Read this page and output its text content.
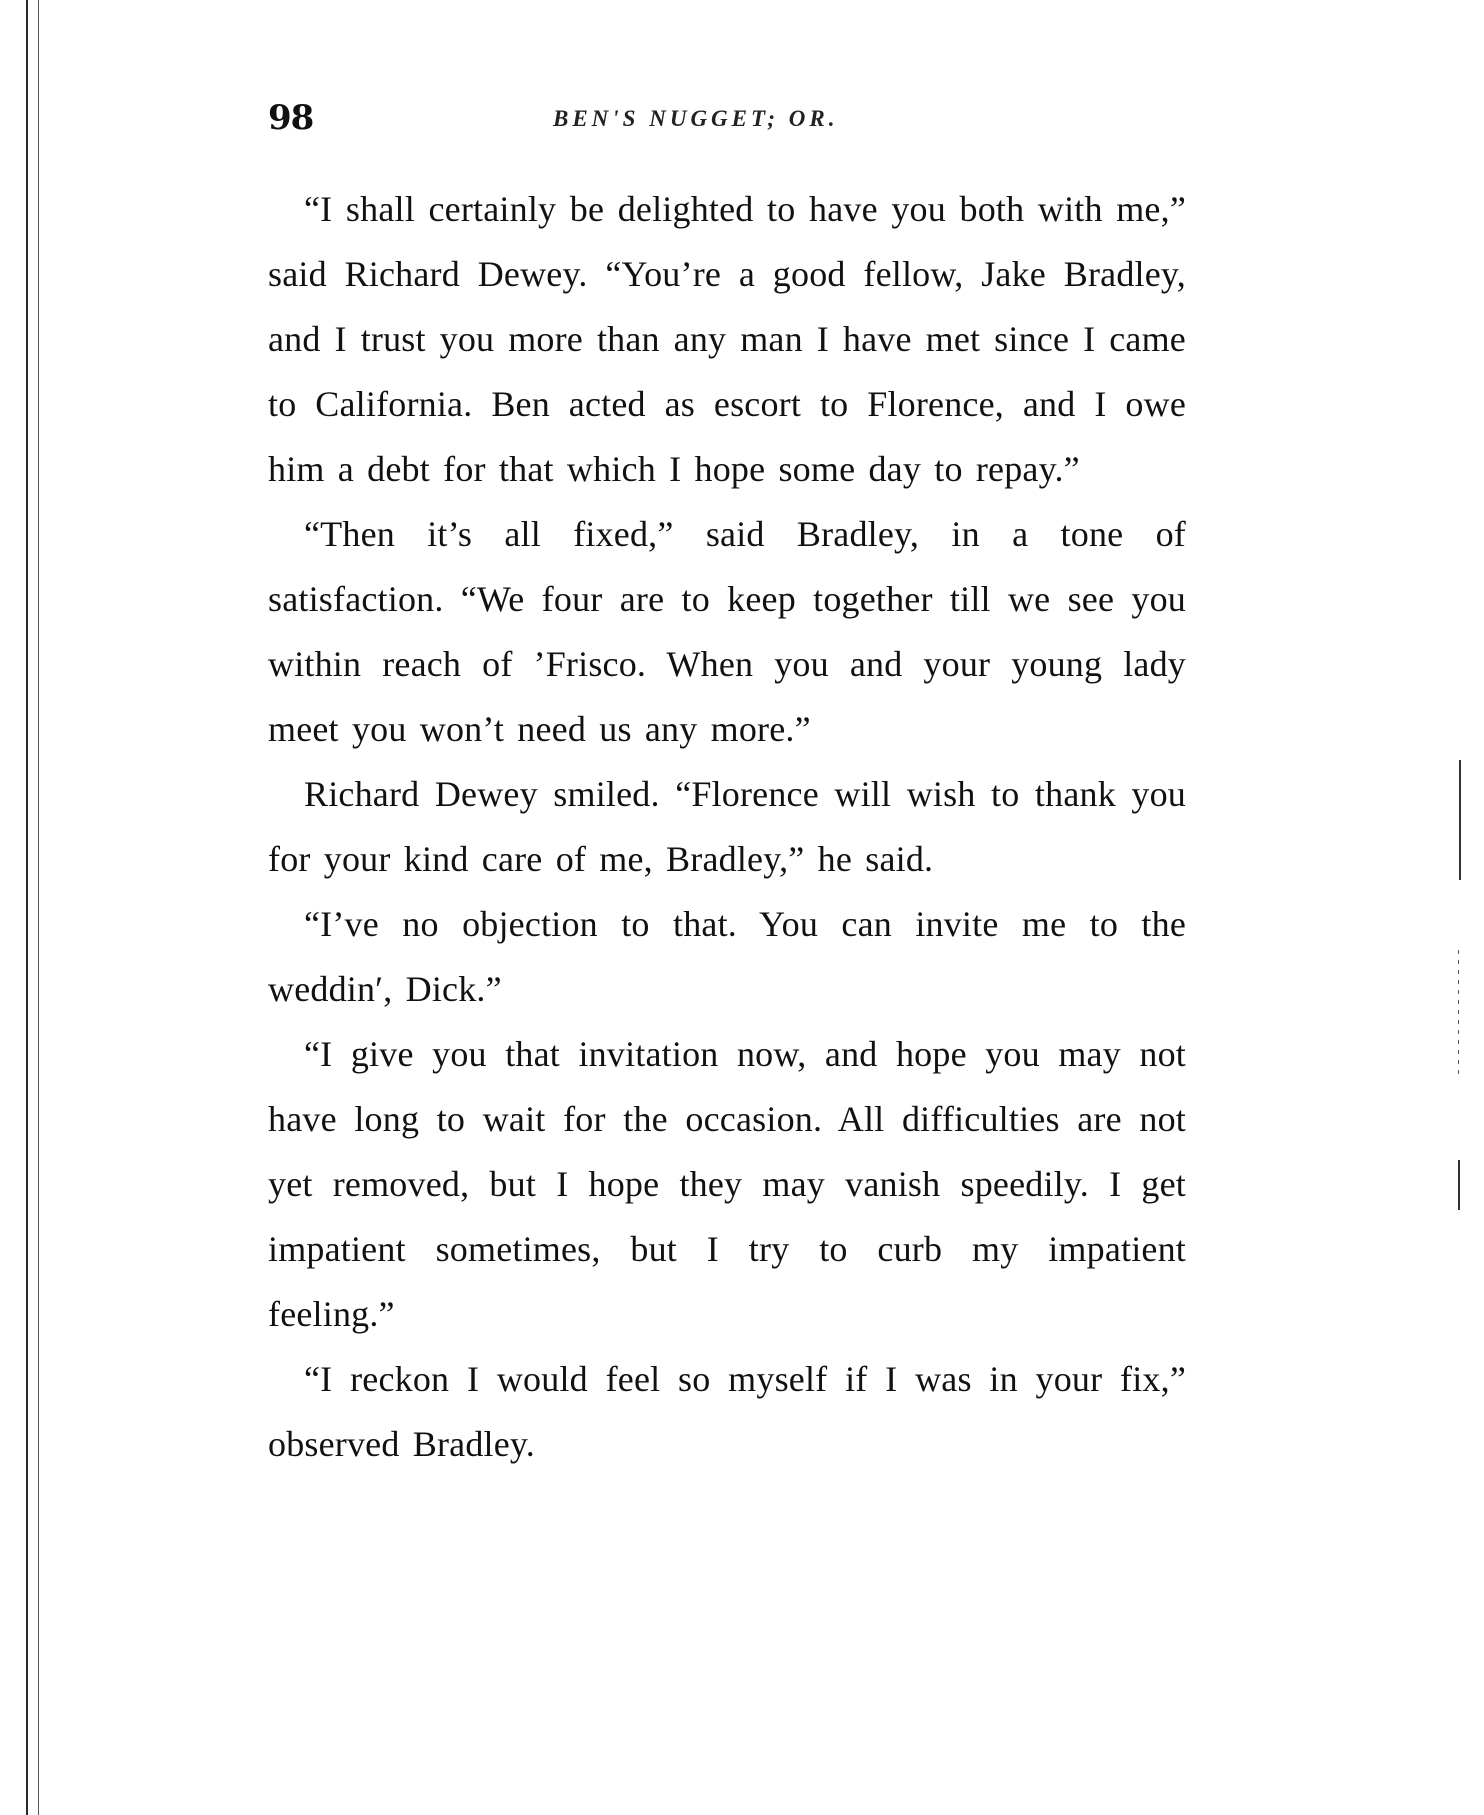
98	BEN'S NUGGET; OR.

“I shall certainly be delighted to have you both with me,” said Richard Dewey. “You’re a good fellow, Jake Bradley, and I trust you more than any man I have met since I came to California. Ben acted as escort to Florence, and I owe him a debt for that which I hope some day to repay.”

“Then it’s all fixed,” said Bradley, in a tone of satisfaction. “We four are to keep together till we see you within reach of ’Frisco. When you and your young lady meet you won’t need us any more.”

Richard Dewey smiled. “Florence will wish to thank you for your kind care of me, Bradley,” he said.

“I’ve no objection to that. You can invite me to the weddin′, Dick.”

“I give you that invitation now, and hope you may not have long to wait for the occasion. All difficulties are not yet removed, but I hope they may vanish speedily. I get impatient sometimes, but I try to curb my impatient feeling.”

“I reckon I would feel so myself if I was in your fix,” observed Bradley.
